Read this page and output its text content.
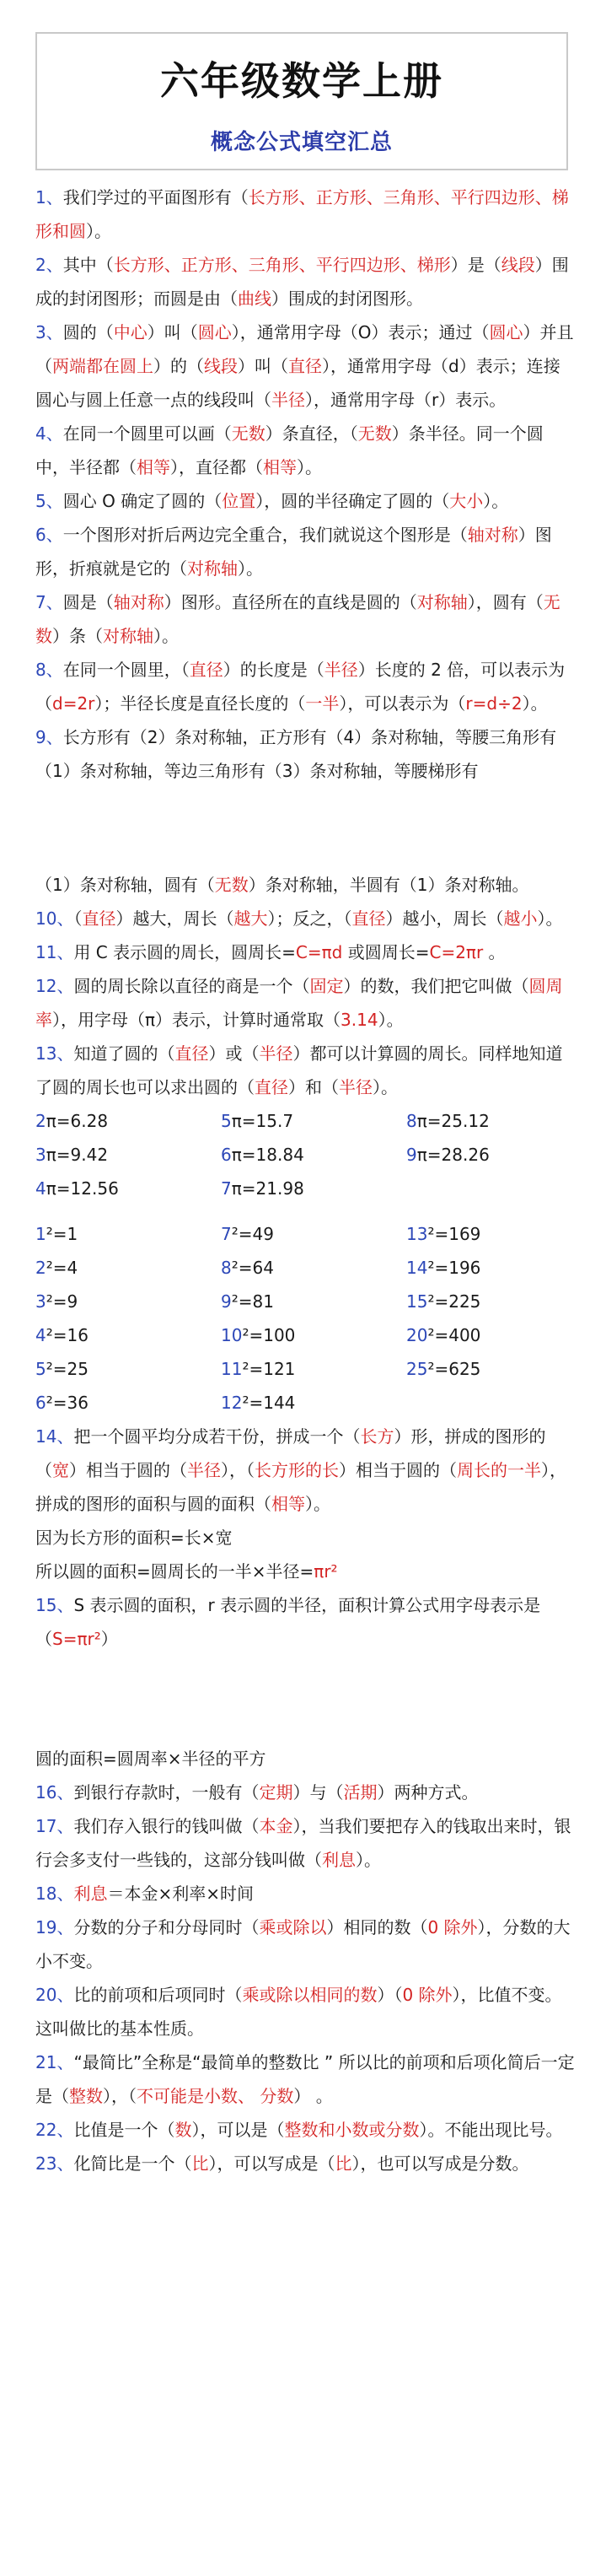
六年级数学上册
概念公式填空汇总

1、我们学过的平面图形有（长方形、正方形、三角形、平行四边形、梯形和圆）。

2、其中（长方形、正方形、三角形、平行四边形、梯形）是（线段）围成的封闭图形；而圆是由（曲线）围成的封闭图形。

3、圆的（中心）叫（圆心），通常用字母（O）表示；通过（圆心）并且（两端都在圆上）的（线段）叫（直径），通常用字母（d）表示；连接圆心与圆上任意一点的线段叫（半径），通常用字母（r）表示。

4、在同一个圆里可以画（无数）条直径，（无数）条半径。同一个圆中，半径都（相等），直径都（相等）。

5、圆心 O 确定了圆的（位置），圆的半径确定了圆的（大小）。

6、一个图形对折后两边完全重合，我们就说这个图形是（轴对称）图形，折痕就是它的（对称轴）。

7、圆是（轴对称）图形。直径所在的直线是圆的（对称轴），圆有（无数）条（对称轴）。

8、在同一个圆里，（直径）的长度是（半径）长度的 2 倍，可以表示为（d=2r）；半径长度是直径长度的（一半），可以表示为（r=d÷2）。

9、长方形有（2）条对称轴，正方形有（4）条对称轴，等腰三角形有（1）条对称轴，等边三角形有（3）条对称轴，等腰梯形有

（1）条对称轴，圆有（无数）条对称轴，半圆有（1）条对称轴。

10、（直径）越大，周长（越大）；反之，（直径）越小，周长（越小）。

11、用 C 表示圆的周长，圆周长=C=πd 或圆周长=C=2πr 。

12、圆的周长除以直径的商是一个（固定）的数，我们把它叫做（圆周率），用字母（π）表示，计算时通常取（3.14）。

13、知道了圆的（直径）或（半径）都可以计算圆的周长。同样地知道了圆的周长也可以求出圆的（直径）和（半径）。

2π=6.28	5π=15.7	8π=25.12
3π=9.42	6π=18.84	9π=28.26
4π=12.56	7π=21.98
1²=1	7²=49	13²=169
2²=4	8²=64	14²=196
3²=9	9²=81	15²=225
4²=16	10²=100	20²=400
5²=25	11²=121	25²=625
6²=36	12²=144

14、把一个圆平均分成若干份，拼成一个（长方）形，拼成的图形的（宽）相当于圆的（半径），（长方形的长）相当于圆的（周长的一半），拼成的图形的面积与圆的面积（相等）。

因为长方形的面积=长×宽

所以圆的面积=圆周长的一半×半径=πr²

15、S 表示圆的面积，r 表示圆的半径，面积计算公式用字母表示是（S=πr²）

圆的面积=圆周率×半径的平方

16、到银行存款时，一般有（定期）与（活期）两种方式。

17、我们存入银行的钱叫做（本金），当我们要把存入的钱取出来时，银行会多支付一些钱的，这部分钱叫做（利息）。

18、利息＝本金×利率×时间

19、分数的分子和分母同时（乘或除以）相同的数（0 除外），分数的大小不变。

20、比的前项和后项同时（乘或除以相同的数）（0 除外），比值不变。这叫做比的基本性质。

21、“最简比”全称是“最简单的整数比 ” 所以比的前项和后项化简后一定是（整数），（不可能是小数、 分数） 。

22、比值是一个（数），可以是（整数和小数或分数）。不能出现比号。

23、化简比是一个（比），可以写成是（比），也可以写成是分数。
